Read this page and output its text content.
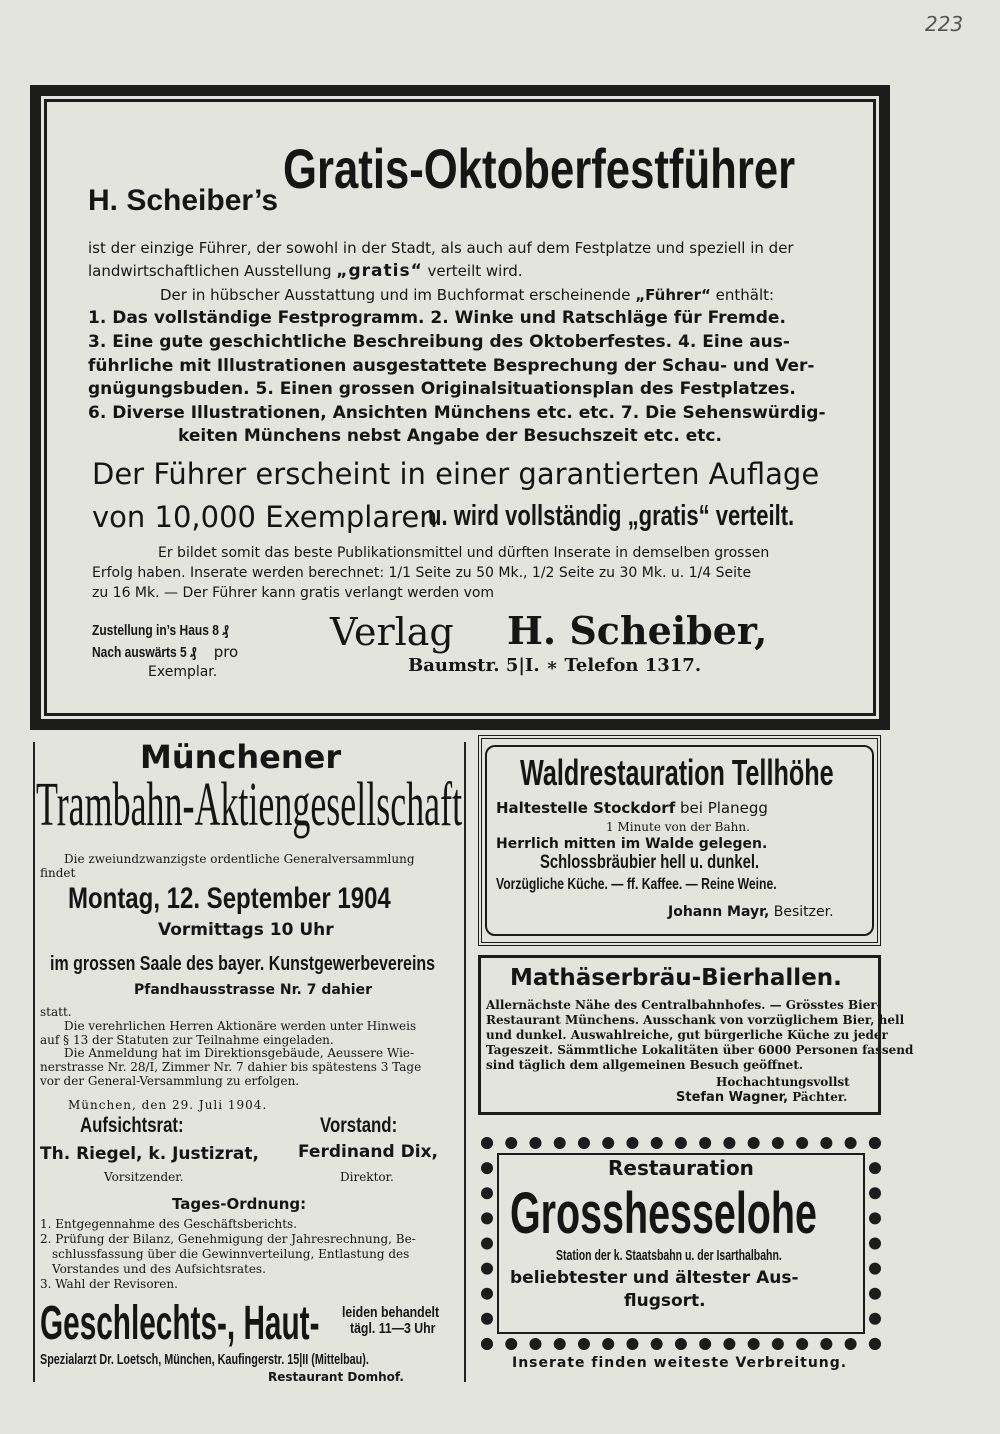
223
H. Scheiber’s
Gratis-Oktoberfestführer
ist der einzige Führer, der sowohl in der Stadt, als auch auf dem Festplatze und speziell in der
landwirtschaftlichen Ausstellung „gratis“ verteilt wird.
Der in hübscher Ausstattung und im Buchformat erscheinende „Führer“ enthält:
1. Das vollständige Festprogramm. 2. Winke und Ratschläge für Fremde.
3. Eine gute geschichtliche Beschreibung des Oktoberfestes. 4. Eine aus-
führliche mit Illustrationen ausgestattete Besprechung der Schau- und Ver-
gnügungsbuden. 5. Einen grossen Originalsituationsplan des Festplatzes.
6. Diverse Illustrationen, Ansichten Münchens etc. etc. 7. Die Sehenswürdig-
keiten Münchens nebst Angabe der Besuchszeit etc. etc.
Der Führer erscheint in einer garantierten Auflage
von 10,000 Exemplaren
u. wird vollständig „gratis“ verteilt.
Er bildet somit das beste Publikationsmittel und dürften Inserate in demselben grossen
Erfolg haben. Inserate werden berechnet: 1/1 Seite zu 50 Mk., 1/2 Seite zu 30 Mk. u. 1/4 Seite
zu 16 Mk. — Der Führer kann gratis verlangt werden vom
Zustellung in’s Haus 8 ₰
Nach auswärts 5 ₰ pro
Exemplar.
Verlag H. Scheiber,
Baumstr. 5|I. ∗ Telefon 1317.
Münchener
Trambahn-Aktiengesellschaft
Die zweiundzwanzigste ordentliche Generalversammlung
findet
Montag, 12. September 1904
Vormittags 10 Uhr
im grossen Saale des bayer. Kunstgewerbevereins
Pfandhausstrasse Nr. 7 dahier
statt.
Die verehrlichen Herren Aktionäre werden unter Hinweis
auf § 13 der Statuten zur Teilnahme eingeladen.
Die Anmeldung hat im Direktionsgebäude, Aeussere Wie-
nerstrasse Nr. 28/I, Zimmer Nr. 7 dahier bis spätestens 3 Tage
vor der General-Versammlung zu erfolgen.
München, den 29. Juli 1904.
Aufsichtsrat:	Vorstand:
Th. Riegel, k. Justizrat, Ferdinand Dix,
Vorsitzender.	Direktor.
Tages-Ordnung:
1. Entgegennahme des Geschäftsberichts.
2. Prüfung der Bilanz, Genehmigung der Jahresrechnung, Be-
schlussfassung über die Gewinnverteilung, Entlastung des
Vorstandes und des Aufsichtsrates.
3. Wahl der Revisoren.
Geschlechts-, Haut- leiden behandelt
tägl. 11—3 Uhr
Spezialarzt Dr. Loetsch, München, Kaufingerstr. 15|II (Mittelbau).
Restaurant Domhof.
Waldrestauration Tellhöhe
Haltestelle Stockdorf bei Planegg
1 Minute von der Bahn.
Herrlich mitten im Walde gelegen.
Schlossbräubier hell u. dunkel.
Vorzügliche Küche. — ff. Kaffee. — Reine Weine.
Johann Mayr, Besitzer.
Mathäserbräu-Bierhallen.
Allernächste Nähe des Centralbahnhofes. — Grösstes Bier-
Restaurant Münchens. Ausschank von vorzüglichem Bier, hell
und dunkel. Auswahlreiche, gut bürgerliche Küche zu jeder
Tageszeit. Sämmtliche Lokalitäten über 6000 Personen fassend
sind täglich dem allgemeinen Besuch geöffnet.
Hochachtungsvollst
Stefan Wagner, Pächter.
Restauration
Grosshesselohe
Station der k. Staatsbahn u. der Isarthalbahn.
beliebtester und ältester Aus-
flugsort.
Inserate finden weiteste Verbreitung.
